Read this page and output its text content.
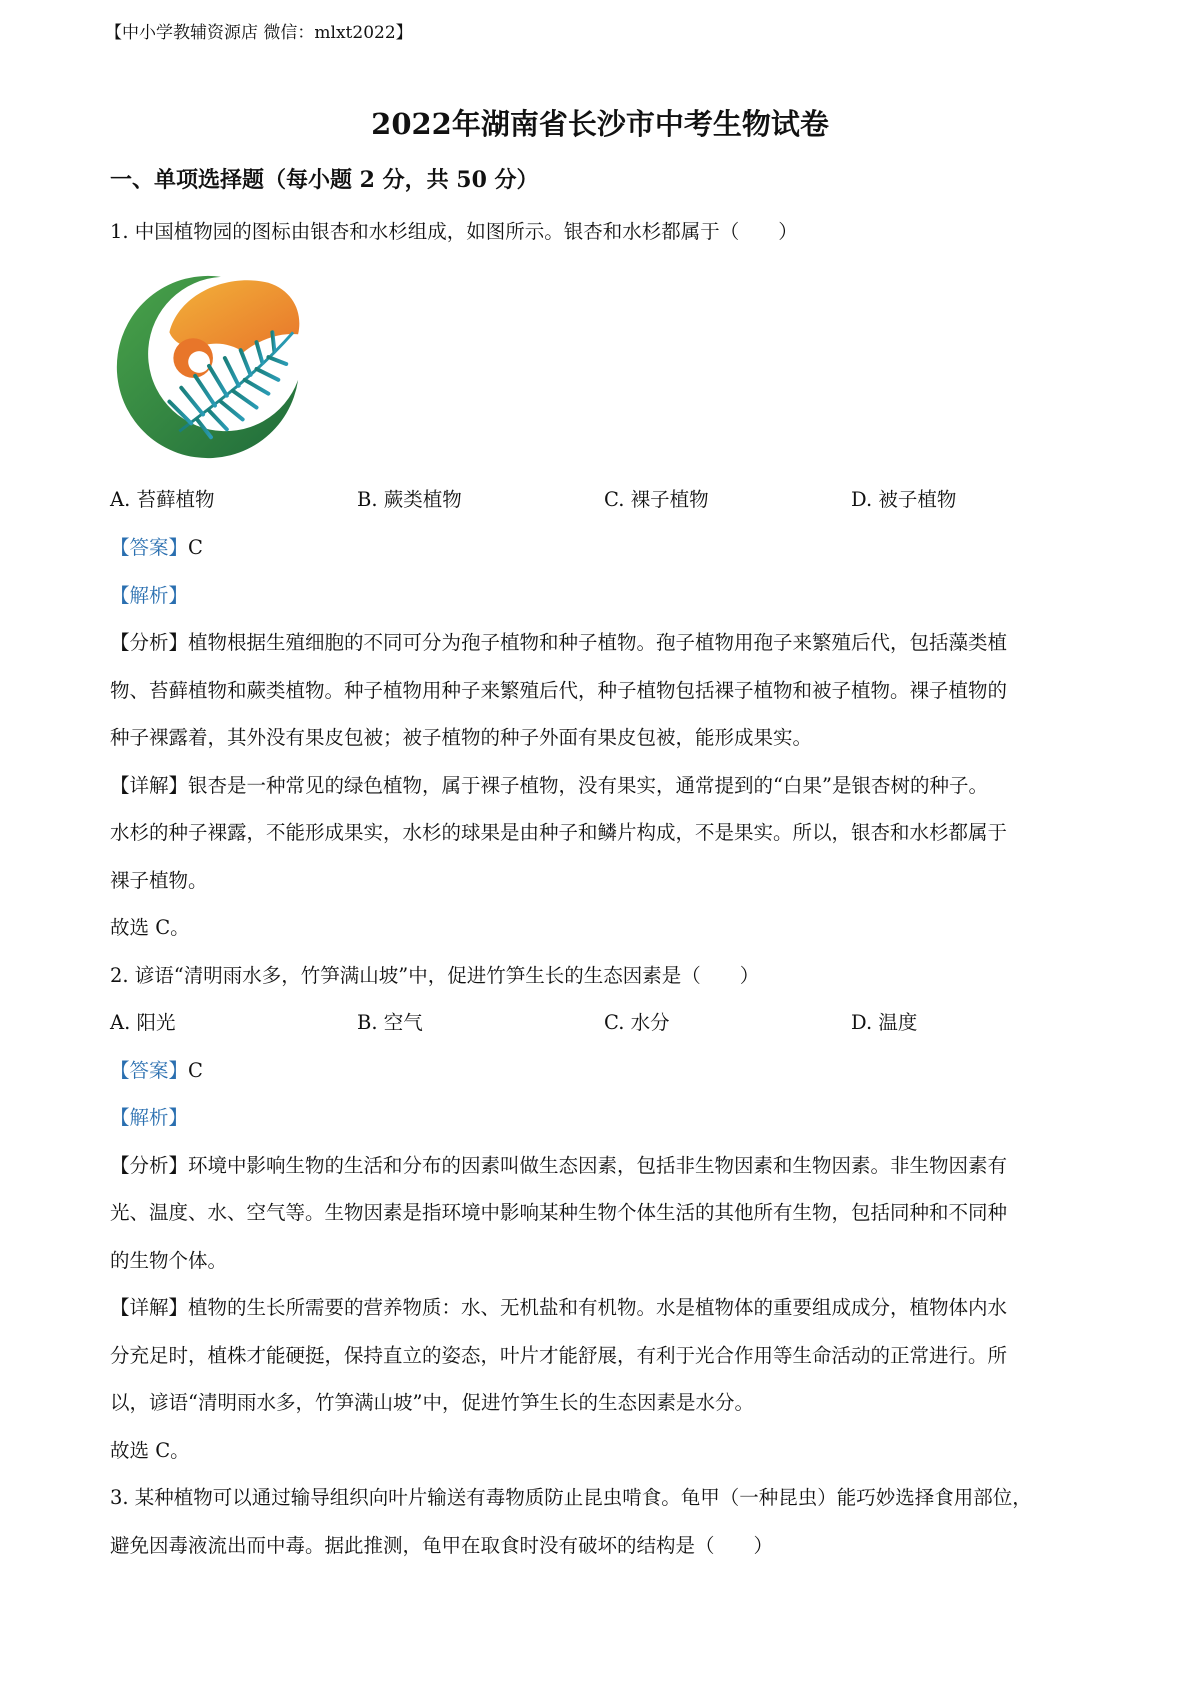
【中小学教辅资源店 微信：mlxt2022】
2022年湖南省长沙市中考生物试卷
一、单项选择题（每小题 2 分，共 50 分）
1. 中国植物园的图标由银杏和水杉组成，如图所示。银杏和水杉都属于（　　）
A. 苔藓植物	B. 蕨类植物	C. 裸子植物	D. 被子植物
【答案】C
【解析】
【分析】植物根据生殖细胞的不同可分为孢子植物和种子植物。孢子植物用孢子来繁殖后代，包括藻类植
物、苔藓植物和蕨类植物。种子植物用种子来繁殖后代，种子植物包括裸子植物和被子植物。裸子植物的
种子裸露着，其外没有果皮包被；被子植物的种子外面有果皮包被，能形成果实。
【详解】银杏是一种常见的绿色植物，属于裸子植物，没有果实，通常提到的“白果”是银杏树的种子。
水杉的种子裸露，不能形成果实，水杉的球果是由种子和鳞片构成，不是果实。所以，银杏和水杉都属于
裸子植物。
故选 C。
2. 谚语“清明雨水多，竹笋满山坡”中，促进竹笋生长的生态因素是（　　）
A. 阳光	B. 空气	C. 水分	D. 温度
【答案】C
【解析】
【分析】环境中影响生物的生活和分布的因素叫做生态因素，包括非生物因素和生物因素。非生物因素有
光、温度、水、空气等。生物因素是指环境中影响某种生物个体生活的其他所有生物，包括同种和不同种
的生物个体。
【详解】植物的生长所需要的营养物质：水、无机盐和有机物。水是植物体的重要组成成分，植物体内水
分充足时，植株才能硬挺，保持直立的姿态，叶片才能舒展，有利于光合作用等生命活动的正常进行。所
以，谚语“清明雨水多，竹笋满山坡”中，促进竹笋生长的生态因素是水分。
故选 C。
3. 某种植物可以通过输导组织向叶片输送有毒物质防止昆虫啃食。龟甲（一种昆虫）能巧妙选择食用部位，
避免因毒液流出而中毒。据此推测，龟甲在取食时没有破坏的结构是（　　）
